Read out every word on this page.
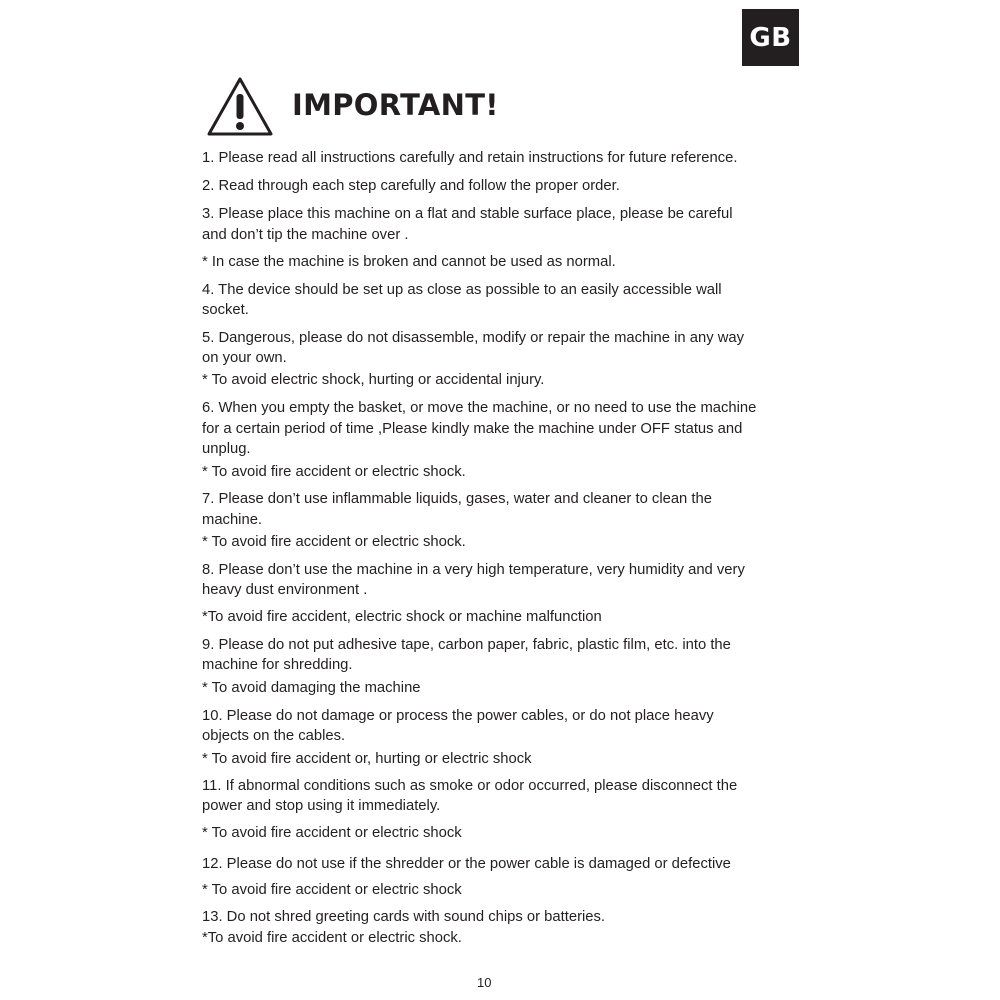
GB
IMPORTANT!
1. Please read all instructions carefully and retain instructions for future reference.
2. Read through each step carefully and follow the proper order.
3. Please place this machine on a flat and stable surface place, please be careful
and don’t tip the machine over .
* In case the machine is broken and cannot be used as normal.
4. The device should be set up as close as possible to an easily accessible wall
socket.
5. Dangerous, please do not disassemble, modify or repair the machine in any way
on your own.
* To avoid electric shock, hurting or accidental injury.
6. When you empty the basket, or move the machine, or no need to use the machine
for a certain period of time ,Please kindly make the machine under OFF status and
unplug.
* To avoid fire accident or electric shock.
7. Please don’t use inflammable liquids, gases, water and cleaner to clean the
machine.
* To avoid fire accident or electric shock.
8. Please don’t use the machine in a very high temperature, very humidity and very
heavy dust environment .
*To avoid fire accident, electric shock or machine malfunction
9. Please do not put adhesive tape, carbon paper, fabric, plastic film, etc. into the
machine for shredding.
* To avoid damaging the machine
10. Please do not damage or process the power cables, or do not place heavy
objects on the cables.
* To avoid fire accident or, hurting or electric shock
11. If abnormal conditions such as smoke or odor occurred, please disconnect the
power and stop using it immediately.
* To avoid fire accident or electric shock
12. Please do not use if the shredder or the power cable is damaged or defective
* To avoid fire accident or electric shock
13. Do not shred greeting cards with sound chips or batteries.
*To avoid fire accident or electric shock.
10
